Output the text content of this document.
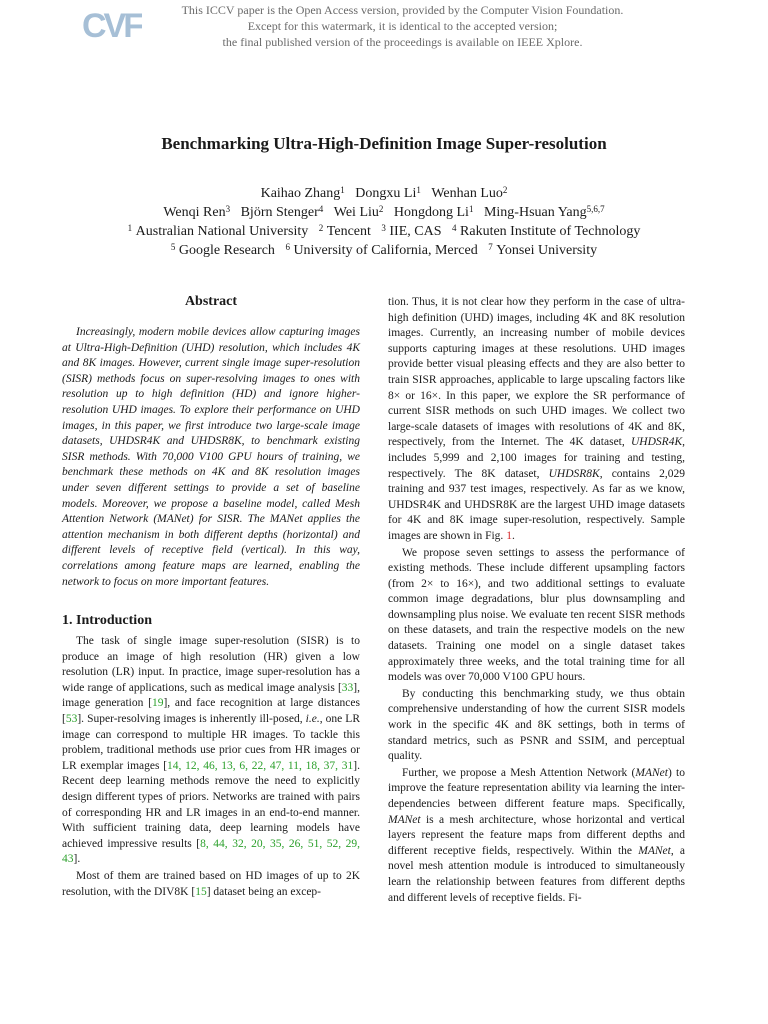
CVF	This ICCV paper is the Open Access version, provided by the Computer Vision Foundation.
Except for this watermark, it is identical to the accepted version;
the final published version of the proceedings is available on IEEE Xplore.
Benchmarking Ultra-High-Definition Image Super-resolution
Kaihao Zhang$^1$ Dongxu Li$^1$ Wenhan Luo$^2$
Wenqi Ren$^3$ Björn Stenger$^4$ Wei Liu$^2$ Hongdong Li$^1$ Ming-Hsuan Yang$^{5,6,7}$
$^1$ Australian National University $^2$ Tencent $^3$ IIE, CAS $^4$ Rakuten Institute of Technology
$^5$ Google Research $^6$ University of California, Merced $^7$ Yonsei University
Abstract
Increasingly, modern mobile devices allow capturing images at Ultra-High-Definition (UHD) resolution, which includes 4K and 8K images. However, current single image super-resolution (SISR) methods focus on super-resolving images to ones with resolution up to high definition (HD) and ignore higher-resolution UHD images. To explore their performance on UHD images, in this paper, we first introduce two large-scale image datasets, UHDSR4K and UHDSR8K, to benchmark existing SISR methods. With 70,000 V100 GPU hours of training, we benchmark these methods on 4K and 8K resolution images under seven different settings to provide a set of baseline models. Moreover, we propose a baseline model, called Mesh Attention Network (MANet) for SISR. The MANet applies the attention mechanism in both different depths (horizontal) and different levels of receptive field (vertical). In this way, correlations among feature maps are learned, enabling the network to focus on more important features.
1. Introduction

The task of single image super-resolution (SISR) is to produce an image of high resolution (HR) given a low resolution (LR) input. In practice, image super-resolution has a wide range of applications, such as medical image analysis [33], image generation [19], and face recognition at large distances [53]. Super-resolving images is inherently ill-posed, i.e., one LR image can correspond to multiple HR images. To tackle this problem, traditional methods use prior cues from HR images or LR exemplar images [14, 12, 46, 13, 6, 22, 47, 11, 18, 37, 31]. Recent deep learning methods remove the need to explicitly design different types of priors. Networks are trained with pairs of corresponding HR and LR images in an end-to-end manner. With sufficient training data, deep learning models have achieved impressive results [8, 44, 32, 20, 35, 26, 51, 52, 29, 43].

Most of them are trained based on HD images of up to 2K resolution, with the DIV8K [15] dataset being an excep-

tion. Thus, it is not clear how they perform in the case of ultra-high definition (UHD) images, including 4K and 8K resolution images. Currently, an increasing number of mobile devices supports capturing images at these resolutions. UHD images provide better visual pleasing effects and they are also better to train SISR approaches, applicable to large upscaling factors like 8× or 16×. In this paper, we explore the SR performance of current SISR methods on such UHD images. We collect two large-scale datasets of images with resolutions of 4K and 8K, respectively, from the Internet. The 4K dataset, UHDSR4K, includes 5,999 and 2,100 images for training and testing, respectively. The 8K dataset, UHDSR8K, contains 2,029 training and 937 test images, respectively. As far as we know, UHDSR4K and UHDSR8K are the largest UHD image datasets for 4K and 8K image super-resolution, respectively. Sample images are shown in Fig. 1.

We propose seven settings to assess the performance of existing methods. These include different upsampling factors (from 2× to 16×), and two additional settings to evaluate common image degradations, blur plus downsampling and downsampling plus noise. We evaluate ten recent SISR methods on these datasets, and train the respective models on the new datasets. Training one model on a single dataset takes approximately three weeks, and the total training time for all models was over 70,000 V100 GPU hours.

By conducting this benchmarking study, we thus obtain comprehensive understanding of how the current SISR models work in the specific 4K and 8K settings, both in terms of standard metrics, such as PSNR and SSIM, and perceptual quality.

Further, we propose a Mesh Attention Network (MANet) to improve the feature representation ability via learning the inter-dependencies between different feature maps. Specifically, MANet is a mesh architecture, whose horizontal and vertical layers represent the feature maps from different depths and different receptive fields, respectively. Within the MANet, a novel mesh attention module is introduced to simultaneously learn the relationship between features from different depths and different levels of receptive fields. Fi-
